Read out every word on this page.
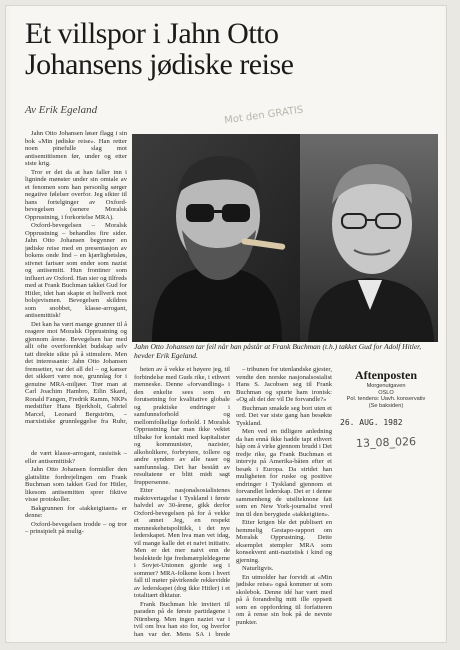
Et villspor i Jahn Otto Johansens jødiske reise
Av Erik Egeland	Mot den GRATIS

Jahn Otto Johansen løser flagg i sin bok «Min jødiske reise». Han retter noen pinefulle slag mot antisemittismen før, under og etter siste krig.

Tror er det da at han faller inn i ligninde mønster under sin omtale av et fenomen som han personlig sørger negative følelser overfor. Jeg sikter til hans fortelginger av Oxford-bevegelsen (senere Moralsk Opprustning, i forkortelse MRA).

Oxford-bevegelsen – Moralsk Opprustning – behandles fire sider. Jahn Otto Johansen begynner en jødiske reise med en presentasjon av bokens onde lind – en kjærlighetsløs, stivnet farisær som ender som nazist og antisemitt. Hun frontiner som influert av Oxford. Han sier og tilfreds med at Frank Buchman takket Gud for Hitler, idet han skapte et hellverk mot bolsjevismen. Bevegelsen skildres som snobbet, klasse-arrogant, antisemittisk!

Det kan ha vært mange grunner til å reagere mot Moralsk Opprustning og gjennom årene. Bevegelsen har med allt ofte overforenklet budskap selv tatt direkte sikte på å stimulere. Men det interessante: Jahn Otto Johansen fremsetter, var det all del – og kanser det sikkert være noe, grunnlag for i genuine MRA-miljøer. Trør man at Carl Joachim Hambro, Eilin Skard, Ronald Fangen, Fredrik Ramm, NKPs medstifter Hans Bjerkholt, Gabriel Marcel, Leonard Bergström, – marxistiske grunnleggelse fra Ruhr,

Jahn Otto Johansen tar feil når han påstår at Frank Buchman (t.h.) takket Gud for Adolf Hitler, hevder Erik Egeland.

heten av å vekke et høyere jeg, til forbindelse med Guds rike, i ethvert menneske. Denne «forvandling» i den enkelte sees som en forutsetning for kvalitative globale og praktiske endringer i samfunnsforhold og mellomfolkelige forhold. I Moralsk Opprustning har man ikke vektet tilbake for kontakt med kapitalister og kommunister, nazister, alkoholikere, forbrytere, tollere og andre syndere av alle raser og samfunnslag. Det har bestått av resultatene er blitt midt sagt fruppersenne.

Etter nasjonalsosialistenes maktovertagelse i Tyskland i første halvdel av 30-årene, gikk derfor Oxford-bevegelsen på for å vekke et annet Jeg, en respekt menneskehetspolitikk, i det nye lederskapet. Men hva man vet idag, vil mange kalle det et naivt initiativ. Men er det mer naivt enn de beslektede hjø fredsmærpleldegerne i Sovjet-Unionen gjorde seg i sommer? MRA-folkene kom i hvert fall til møter påvirkende rekkevidde av lederskapet (dog ikke Hitler) i et totalitært diktatur.

Frank Buchman ble invitert til paraden på de første partidagene i Nürnberg. Men ingen naziet var i tvil om hva han sto for, og hverfor han var der. Mens SA i brede

– tribunen for utenlandske gjester, vendte den norske nasjonalsosialist Hans S. Jacobsen seg til Frank Buchman og spurte ham ironisk: «Og alt det der vil De forvandle?»

Buchman smakde seg bort uten et ord. Det var siste gang han besøkte Tyskland.

Men ved en tidligere anledning da han ennå ikke hadde tapt ethvert håp om å virke gjennom brudd i Det tredje rike, ga Frank Buchman et intervju på Amerika-båten efter et besøk i Europa. Da stridet han muligheten for ruske og positive endringer i Tyskland gjennom et forvandlet lederskap. Det er i denne sammenheng de utsilteknone fait som en New York-journalist vred inn til den berygtede «takkeigiten».

Etter krigen ble det publisert en hemmelig Gestapo-rapport om Moralsk Opprustning. Dette eksemplet stempler MRA som konsekvent anti-nazistisk i kind og gjerning.

Naturligvis.

En utmolder har forvidt at «Min jødiske reise» også kommer ut som skolebok. Denne idé har vært med på å forandrelig mitt ille oppsett som en oppfordring til forfatteren om å rense sin bok på de nevnte punkter.

Aftenposten
Morgenutgaven
OSLO
Pol. tendens: Uavh. konservativ
(Se baksiden)
26. AUG. 1982
13_08_026

de vært klasse-arrogant, rasistisk – eller antisemittisk?

Jahn Otto Johansen formidler den glattslitte fordrejelingen om Frank Buchman som takket Gud for Hitler, likesom antisemitten sprer fiktive visse protokoller.

Bakgrunnen for «takkeigitaen» er denne:

Oxford-bevegelsen trodde – og tror – prinsipielt på mulig-
